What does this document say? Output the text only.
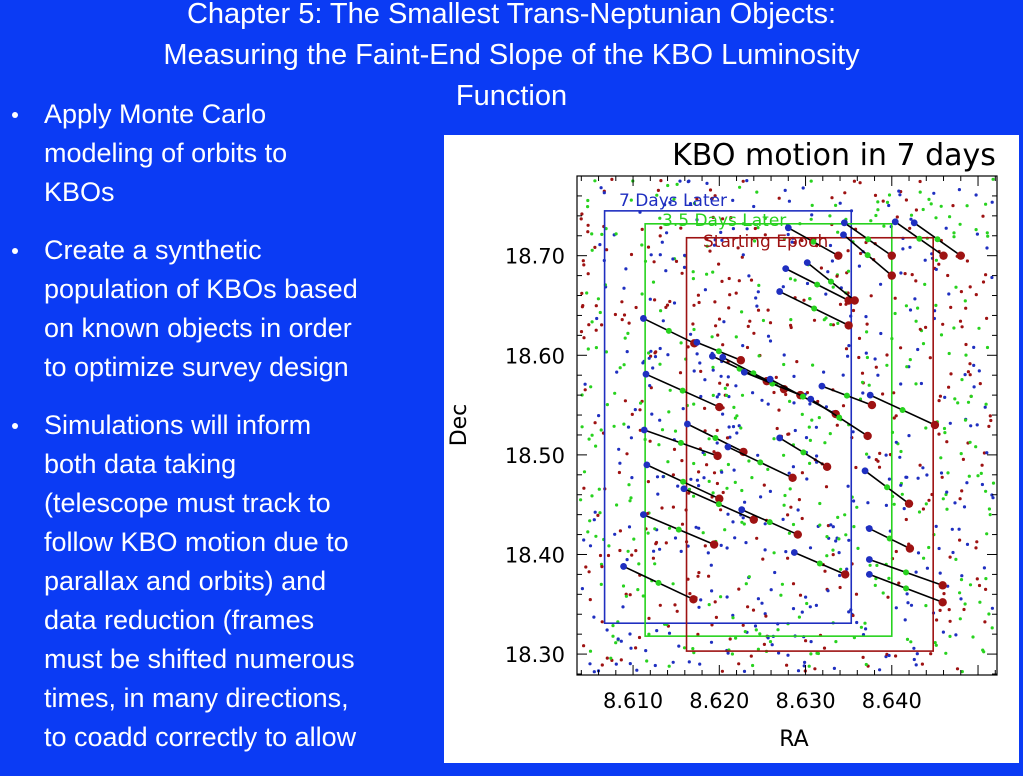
Chapter 5: The Smallest Trans-Neptunian Objects:
Measuring the Faint-End Slope of the KBO Luminosity
Function
Apply Monte Carlo
modeling of orbits to
KBOs
Create a synthetic
population of KBOs based
on known objects in order
to optimize survey design
Simulations will inform
both data taking
(telescope must track to
follow KBO motion due to
parallax and orbits) and
data reduction (frames
must be shifted numerous
times, in many directions,
to coadd correctly to allow
KBO motion in 7 days
18.70
18.60
18.50
18.40
18.30
8.610 8.620 8.630 8.640
7 Days Later
3.5 Days Later
Starting Epoch
RA
Dec
